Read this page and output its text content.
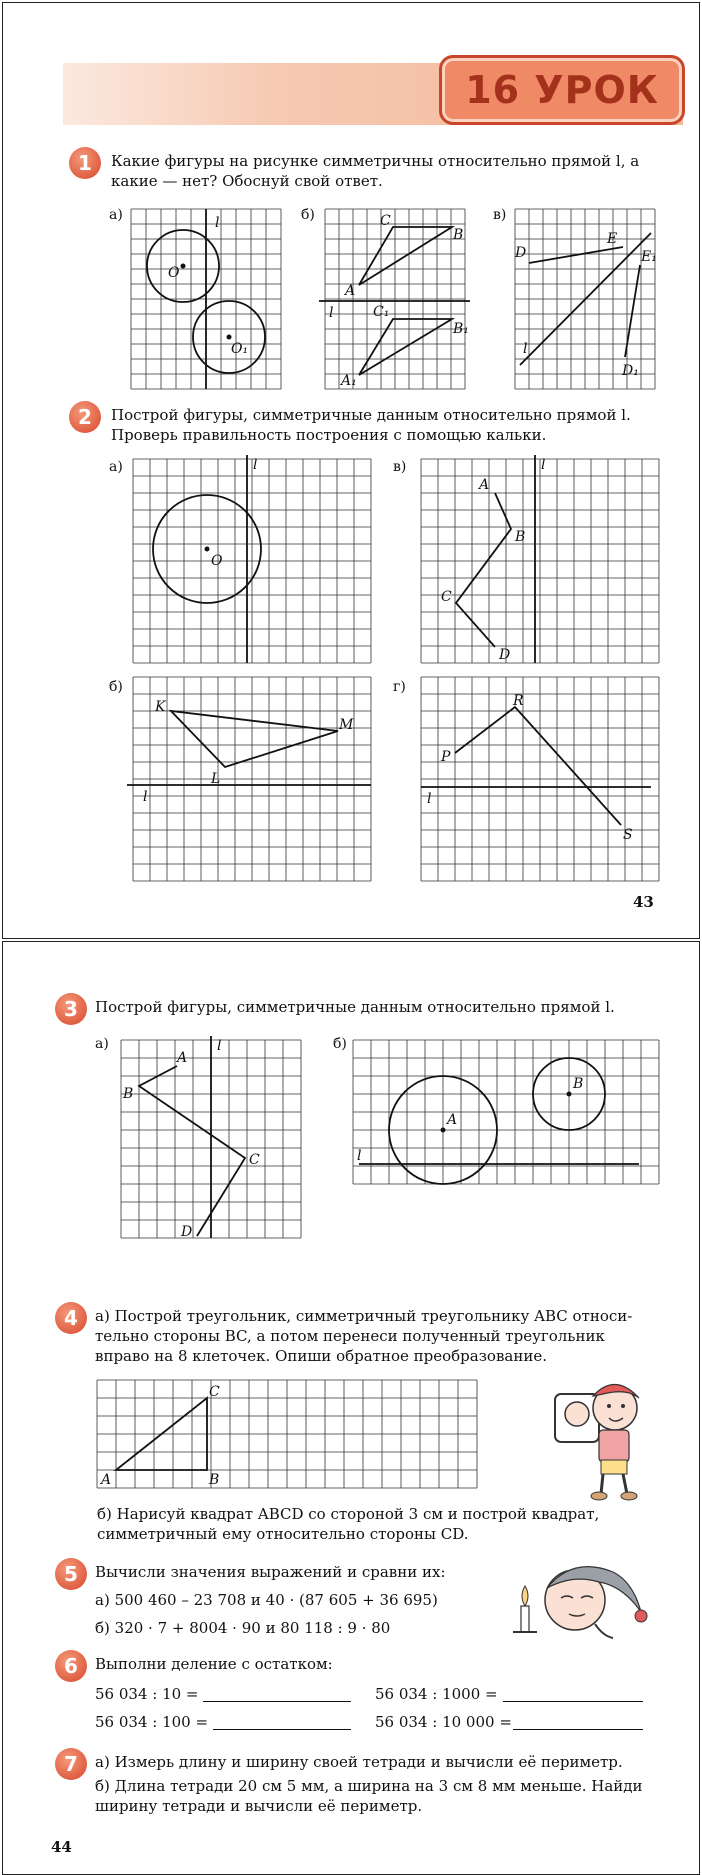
16 УРОК
1	Какие фигуры на рисунке симметричны относительно прямой l, а
какие — нет? Обоснуй свой ответ.
а)	б)	в)
l
O
O₁
A
B
C
A₁
B₁
C₁
l
D
E
E₁
D₁
l
2	Построй фигуры, симметричные данным относительно прямой l.
Проверь правильность построения с помощью кальки.
а)	в)
б)	г)
l
O
l
A
B
C
D
K
L
M
l
P
R
S
l
43
3	Построй фигуры, симметричные данным относительно прямой l.
а)	б)
l
A
B
C
D
A
B
l
4	а) Построй треугольник, симметричный треугольнику ABC относи-
тельно стороны BC, а потом перенеси полученный треугольник
вправо на 8 клеточек. Опиши обратное преобразование.
A	B
C
б) Нарисуй квадрат ABCD со стороной 3 см и построй квадрат,
симметричный ему относительно стороны CD.
5	Вычисли значения выражений и сравни их:
а) 500 460 – 23 708 и 40 · (87 605 + 36 695)
б) 320 · 7 + 8004 · 90 и 80 118 : 9 · 80
6	Выполни деление с остатком:
56 034 : 10 =	56 034 : 1000 =
56 034 : 100 =	56 034 : 10 000 =
7	а) Измерь длину и ширину своей тетради и вычисли её периметр.
б) Длина тетради 20 см 5 мм, а ширина на 3 см 8 мм меньше. Найди
ширину тетради и вычисли её периметр.
44
